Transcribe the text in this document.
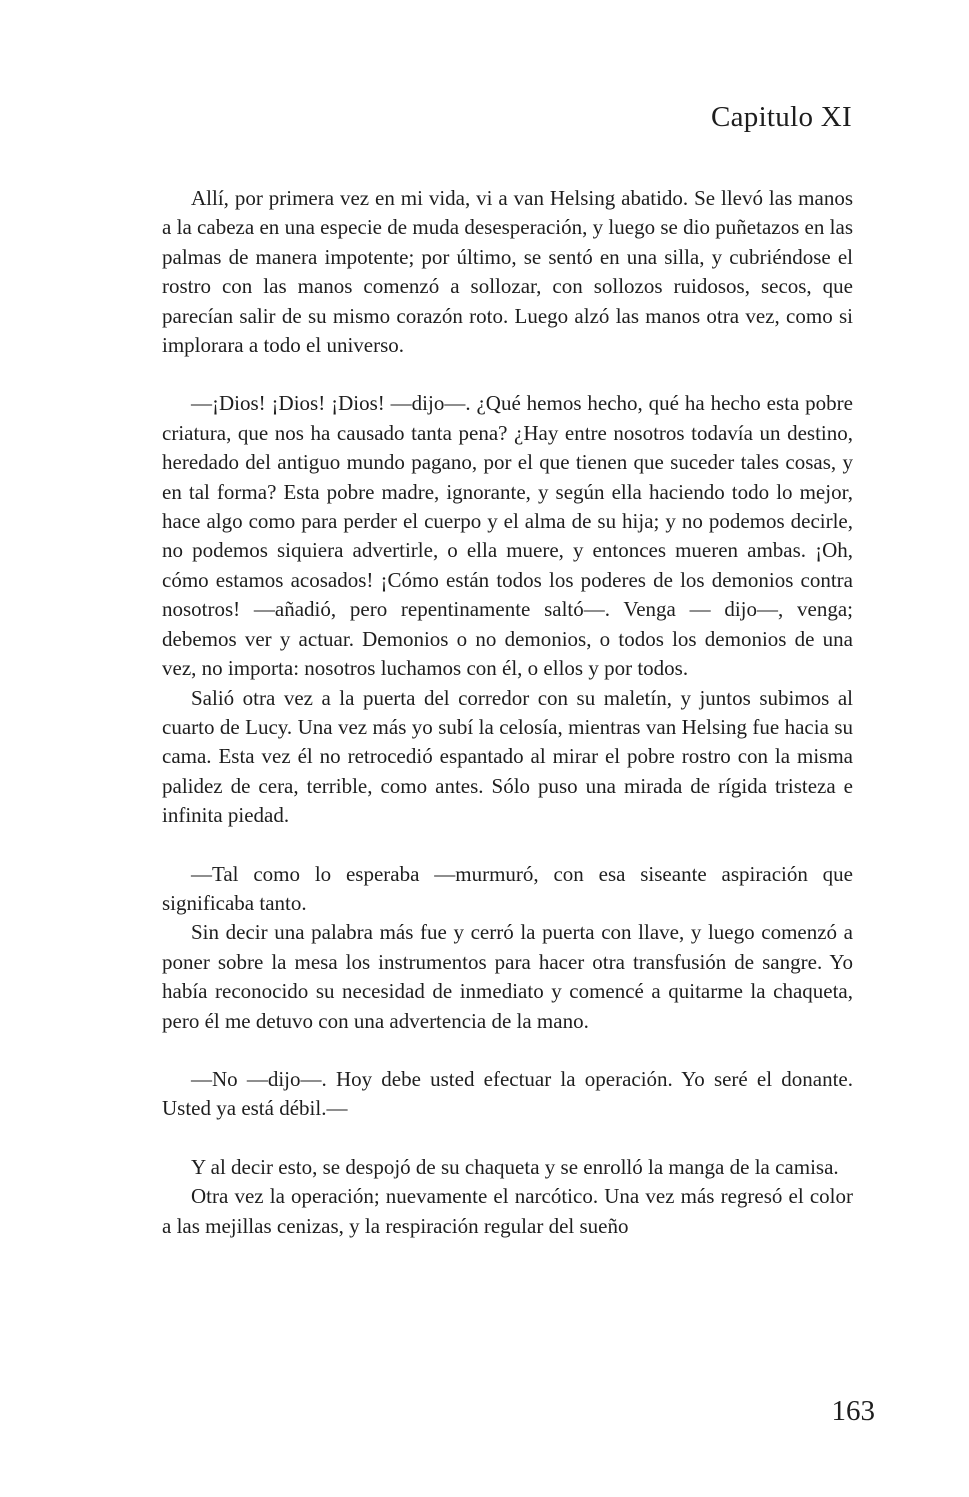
Capitulo XI

Allí, por primera vez en mi vida, vi a van Helsing abatido. Se llevó las manos a la cabeza en una especie de muda desesperación, y luego se dio puñetazos en las palmas de manera impotente; por último, se sentó en una silla, y cubriéndose el rostro con las manos comenzó a sollozar, con sollozos ruidosos, secos, que parecían salir de su mismo corazón roto. Luego alzó las manos otra vez, como si implorara a todo el universo.

—¡Dios! ¡Dios! ¡Dios! —dijo—. ¿Qué hemos hecho, qué ha hecho esta pobre criatura, que nos ha causado tanta pena? ¿Hay entre nosotros todavía un destino, heredado del antiguo mundo pagano, por el que tienen que suceder tales cosas, y en tal forma? Esta pobre madre, ignorante, y según ella haciendo todo lo mejor, hace algo como para perder el cuerpo y el alma de su hija; y no podemos decirle, no podemos siquiera advertirle, o ella muere, y entonces mueren ambas. ¡Oh, cómo estamos acosados! ¡Cómo están todos los poderes de los demonios contra nosotros! —añadió, pero repentinamente saltó—. Venga — dijo—, venga; debemos ver y actuar. Demonios o no demonios, o todos los demonios de una vez, no importa: nosotros luchamos con él, o ellos y por todos.

Salió otra vez a la puerta del corredor con su maletín, y juntos subimos al cuarto de Lucy. Una vez más yo subí la celosía, mientras van Helsing fue hacia su cama. Esta vez él no retrocedió espantado al mirar el pobre rostro con la misma palidez de cera, terrible, como antes. Sólo puso una mirada de rígida tristeza e infinita piedad.

—Tal como lo esperaba —murmuró, con esa siseante aspiración que significaba tanto.

Sin decir una palabra más fue y cerró la puerta con llave, y luego comenzó a poner sobre la mesa los instrumentos para hacer otra transfusión de sangre. Yo había reconocido su necesidad de inmediato y comencé a quitarme la chaqueta, pero él me detuvo con una advertencia de la mano.

—No —dijo—. Hoy debe usted efectuar la operación. Yo seré el donante. Usted ya está débil.—

Y al decir esto, se despojó de su chaqueta y se enrolló la manga de la camisa.

Otra vez la operación; nuevamente el narcótico. Una vez más regresó el color a las mejillas cenizas, y la respiración regular del sueño

163
